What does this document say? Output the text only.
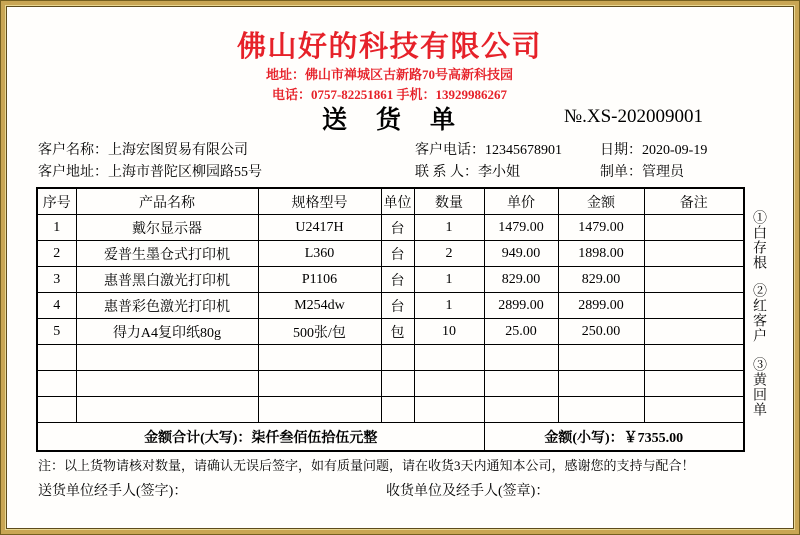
佛山好的科技有限公司
地址：佛山市禅城区古新路70号高新科技园
电话：0757-82251861 手机：13929986267
送　货　单	№.XS-202009001
客户名称：上海宏图贸易有限公司	客户电话：12345678901	日期：2020-09-19
客户地址：上海市普陀区柳园路55号	联 系 人：李小姐	制单：管理员
序号	产品名称	规格型号	单位	数量	单价	金额	备注
1	戴尔显示器	U2417H	台	1	1479.00	1479.00	
2	爱普生墨仓式打印机	L360	台	2	949.00	1898.00	
3	惠普黑白激光打印机	P1106	台	1	829.00	829.00	
4	惠普彩色激光打印机	M254dw	台	1	2899.00	2899.00	
5	得力A4复印纸80g	500张/包	包	10	25.00	250.00	

金额合计(大写)：柒仟叁佰伍拾伍元整					金额(小写)：￥7355.00		
注：以上货物请核对数量，请确认无误后签字，如有质量问题，请在收货3天内通知本公司，感谢您的支持与配合！
送货单位经手人(签字)：	收货单位及经手人(签章)：
①白存根
②红客户
③黄回单
